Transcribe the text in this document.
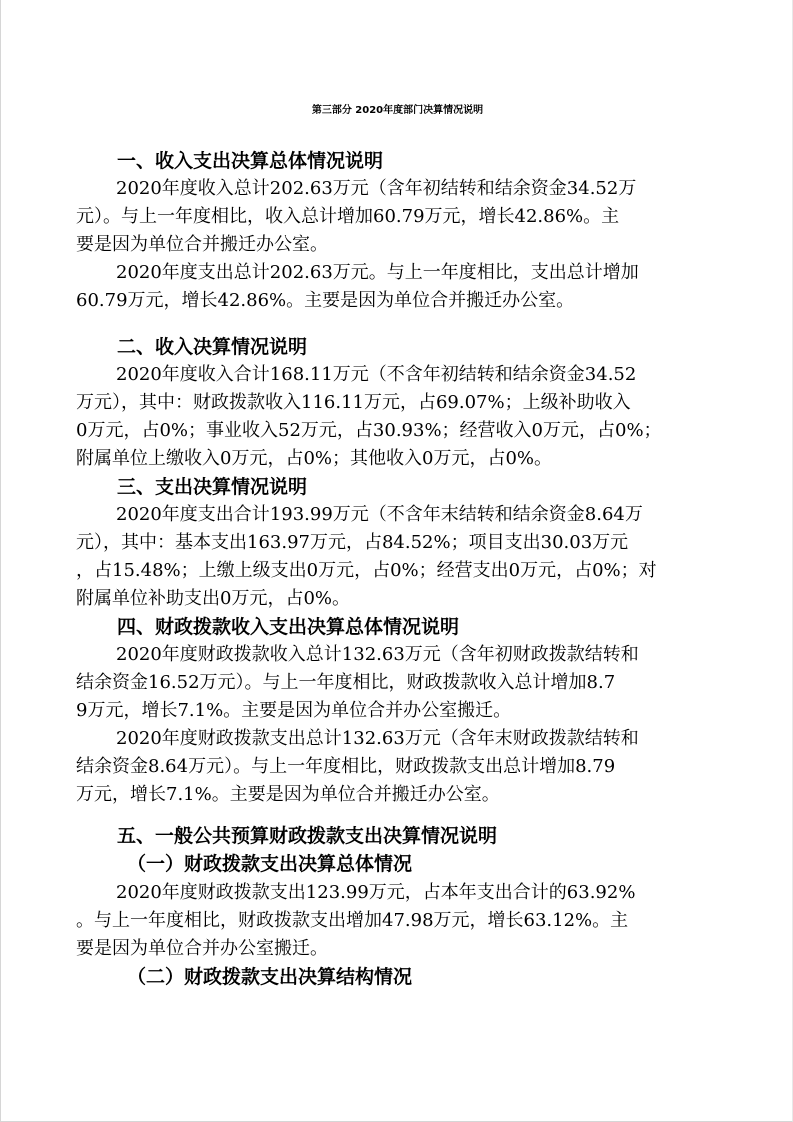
第三部分 2020年度部门决算情况说明
一、收入支出决算总体情况说明
2020年度收入总计202.63万元（含年初结转和结余资金34.52万
元）。与上一年度相比，收入总计增加60.79万元，增长42.86%。主
要是因为单位合并搬迁办公室。
2020年度支出总计202.63万元。与上一年度相比，支出总计增加
60.79万元，增长42.86%。主要是因为单位合并搬迁办公室。
二、收入决算情况说明
2020年度收入合计168.11万元（不含年初结转和结余资金34.52
万元），其中：财政拨款收入116.11万元，占69.07%；上级补助收入
0万元，占0%；事业收入52万元，占30.93%；经营收入0万元，占0%；
附属单位上缴收入0万元，占0%；其他收入0万元，占0%。
三、支出决算情况说明
2020年度支出合计193.99万元（不含年末结转和结余资金8.64万
元），其中：基本支出163.97万元，占84.52%；项目支出30.03万元
，占15.48%；上缴上级支出0万元，占0%；经营支出0万元，占0%；对
附属单位补助支出0万元，占0%。
四、财政拨款收入支出决算总体情况说明
2020年度财政拨款收入总计132.63万元（含年初财政拨款结转和
结余资金16.52万元）。与上一年度相比，财政拨款收入总计增加8.7
9万元，增长7.1%。主要是因为单位合并办公室搬迁。
2020年度财政拨款支出总计132.63万元（含年末财政拨款结转和
结余资金8.64万元）。与上一年度相比，财政拨款支出总计增加8.79
万元，增长7.1%。主要是因为单位合并搬迁办公室。
五、一般公共预算财政拨款支出决算情况说明
（一）财政拨款支出决算总体情况
2020年度财政拨款支出123.99万元，占本年支出合计的63.92%
。与上一年度相比，财政拨款支出增加47.98万元，增长63.12%。主
要是因为单位合并办公室搬迁。
（二）财政拨款支出决算结构情况
